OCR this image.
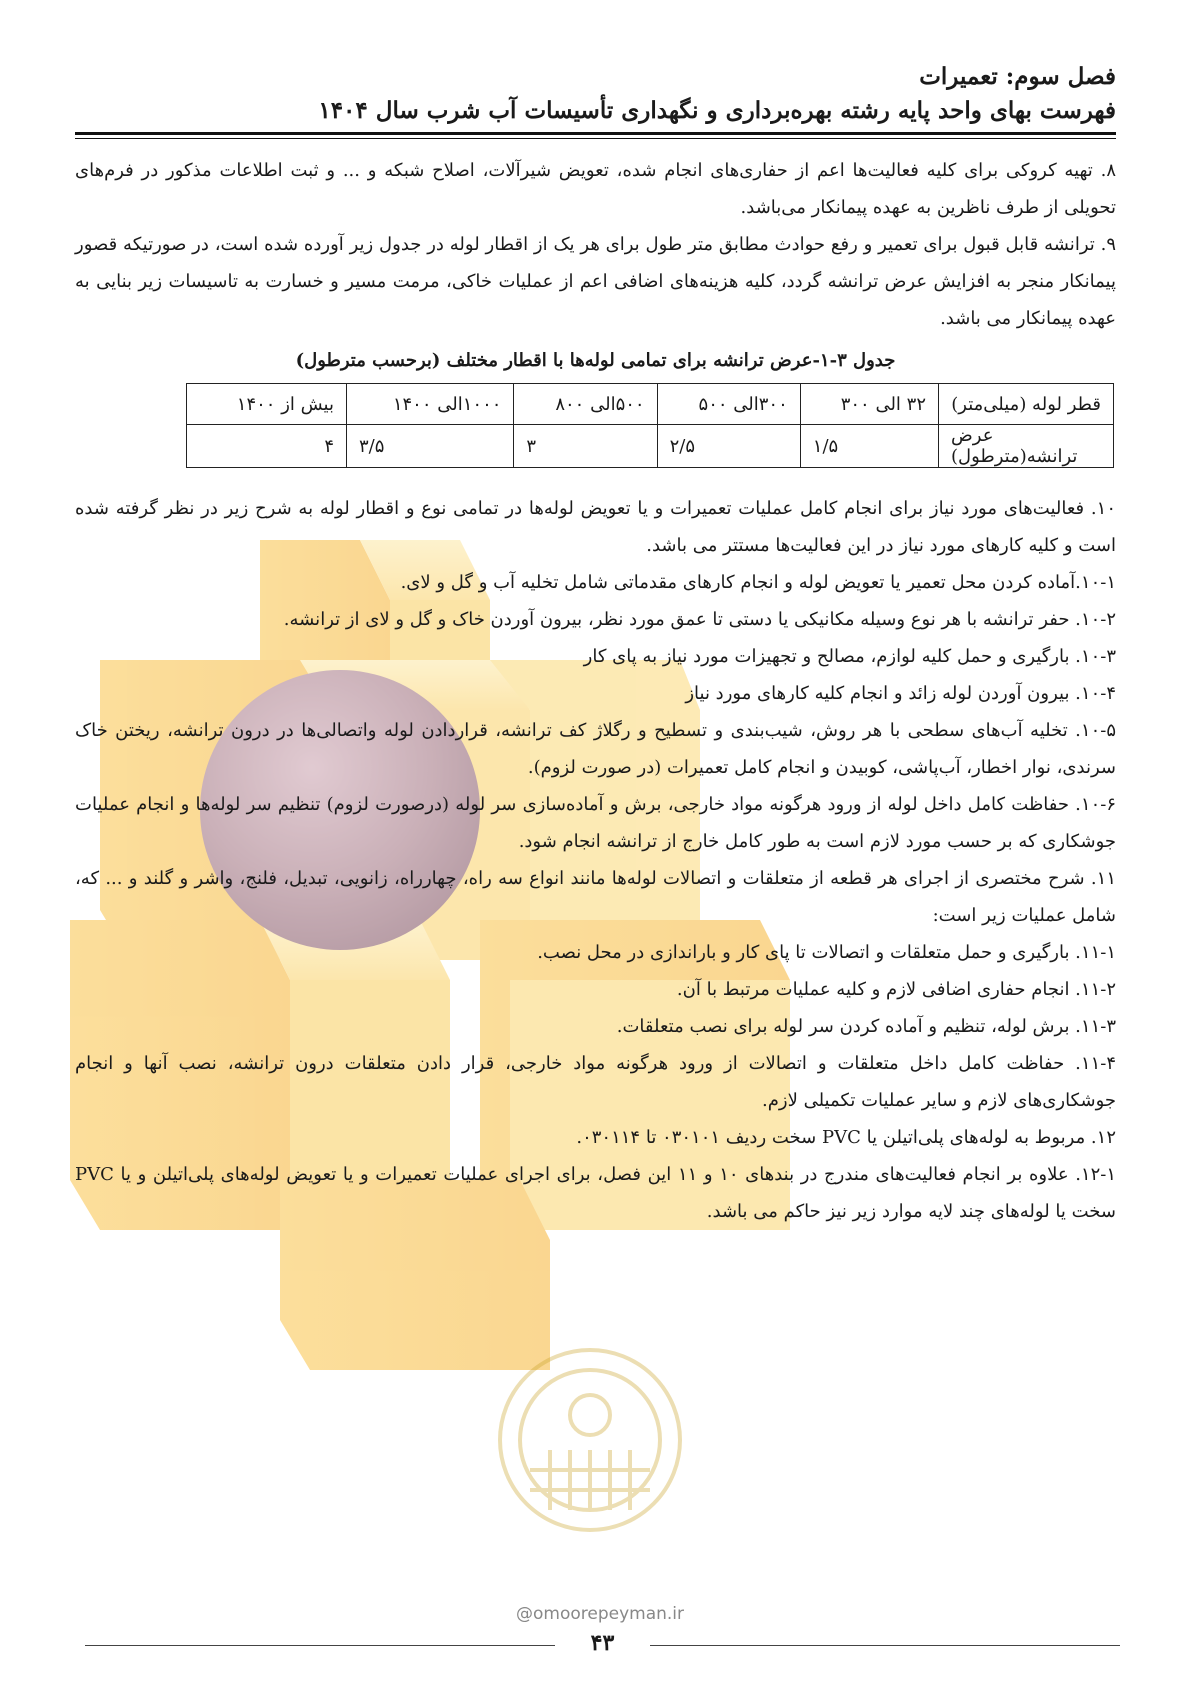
فصل سوم: تعمیرات
فهرست بهای واحد پایه رشته بهره‌برداری و نگهداری تأسیسات آب شرب سال ۱۴۰۴

۸. تهیه کروکی برای کلیه فعالیت‌ها اعم از حفاری‌های انجام شده، تعویض شیرآلات، اصلاح شبکه و ... و ثبت اطلاعات مذکور در فرم‌های تحویلی از طرف ناظرین به عهده پیمانکار می‌باشد.

۹. ترانشه قابل قبول برای تعمیر و رفع حوادث مطابق متر طول برای هر یک از اقطار لوله در جدول زیر آورده شده است، در صورتیکه قصور پیمانکار منجر به افزایش عرض ترانشه گردد، کلیه هزینه‌های اضافی اعم از عملیات خاکی، مرمت مسیر و خسارت به تاسیسات زیر بنایی به عهده پیمانکار می باشد.

جدول ۳-۱-عرض ترانشه برای تمامی لوله‌ها با اقطار مختلف (برحسب مترطول)
قطر لوله (میلی‌متر)	۳۲ الی ۳۰۰	۳۰۰الی ۵۰۰	۵۰۰الی ۸۰۰	۱۰۰۰الی ۱۴۰۰	بیش از ۱۴۰۰
عرض ترانشه(مترطول)	۱/۵	۲/۵	۳	۳/۵	۴

۱۰. فعالیت‌های مورد نیاز برای انجام کامل عملیات تعمیرات و یا تعویض لوله‌ها در تمامی نوع و اقطار لوله به شرح زیر در نظر گرفته شده است و کلیه کارهای مورد نیاز در این فعالیت‌ها مستتر می باشد.

۱۰-۱.آماده کردن محل تعمیر یا تعویض لوله و انجام کارهای مقدماتی شامل تخلیه آب و گل و لای.

۱۰-۲. حفر ترانشه با هر نوع وسیله مکانیکی یا دستی تا عمق مورد نظر، بیرون آوردن خاک و گل و لای از ترانشه.

۱۰-۳. بارگیری و حمل کلیه لوازم، مصالح و تجهیزات مورد نیاز به پای کار

۱۰-۴. بیرون آوردن لوله زائد و انجام کلیه کارهای مورد نیاز

۱۰-۵. تخلیه آب‌های سطحی با هر روش، شیب‌بندی و تسطیح و رگلاژ کف ترانشه، قراردادن لوله واتصالی‌ها در درون ترانشه، ریختن خاک سرندی، نوار اخطار، آب‌پاشی، کوبیدن و انجام کامل تعمیرات (در صورت لزوم).

۱۰-۶. حفاظت کامل داخل لوله از ورود هرگونه مواد خارجی، برش و آماده‌سازی سر لوله (درصورت لزوم) تنظیم سر لوله‌ها و انجام عملیات جوشکاری که بر حسب مورد لازم است به طور کامل خارج از ترانشه انجام شود.

۱۱. شرح مختصری از اجرای هر قطعه از متعلقات و اتصالات لوله‌ها مانند انواع سه راه، چهارراه، زانویی، تبدیل، فلنج، واشر و گلند و ... که، شامل عملیات زیر است:

۱۱-۱. بارگیری و حمل متعلقات و اتصالات تا پای کار و باراندازی در محل نصب.

۱۱-۲. انجام حفاری اضافی لازم و کلیه عملیات مرتبط با آن.

۱۱-۳. برش لوله، تنظیم و آماده کردن سر لوله برای نصب متعلقات.

۱۱-۴. حفاظت کامل داخل متعلقات و اتصالات از ورود هرگونه مواد خارجی، قرار دادن متعلقات درون ترانشه، نصب آنها و انجام جوشکاری‌های لازم و سایر عملیات تکمیلی لازم.

۱۲. مربوط به لوله‌های پلی‌اتیلن یا PVC سخت ردیف ۰۳۰۱۰۱ تا ۰۳۰۱۱۴.

۱۲-۱. علاوه بر انجام فعالیت‌های مندرج در بندهای ۱۰ و ۱۱ این فصل، برای اجرای عملیات تعمیرات و یا تعویض لوله‌های پلی‌اتیلن و یا PVC سخت یا لوله‌های چند لایه موارد زیر نیز حاکم می باشد.

@omoorepeyman.ir
۴۳
